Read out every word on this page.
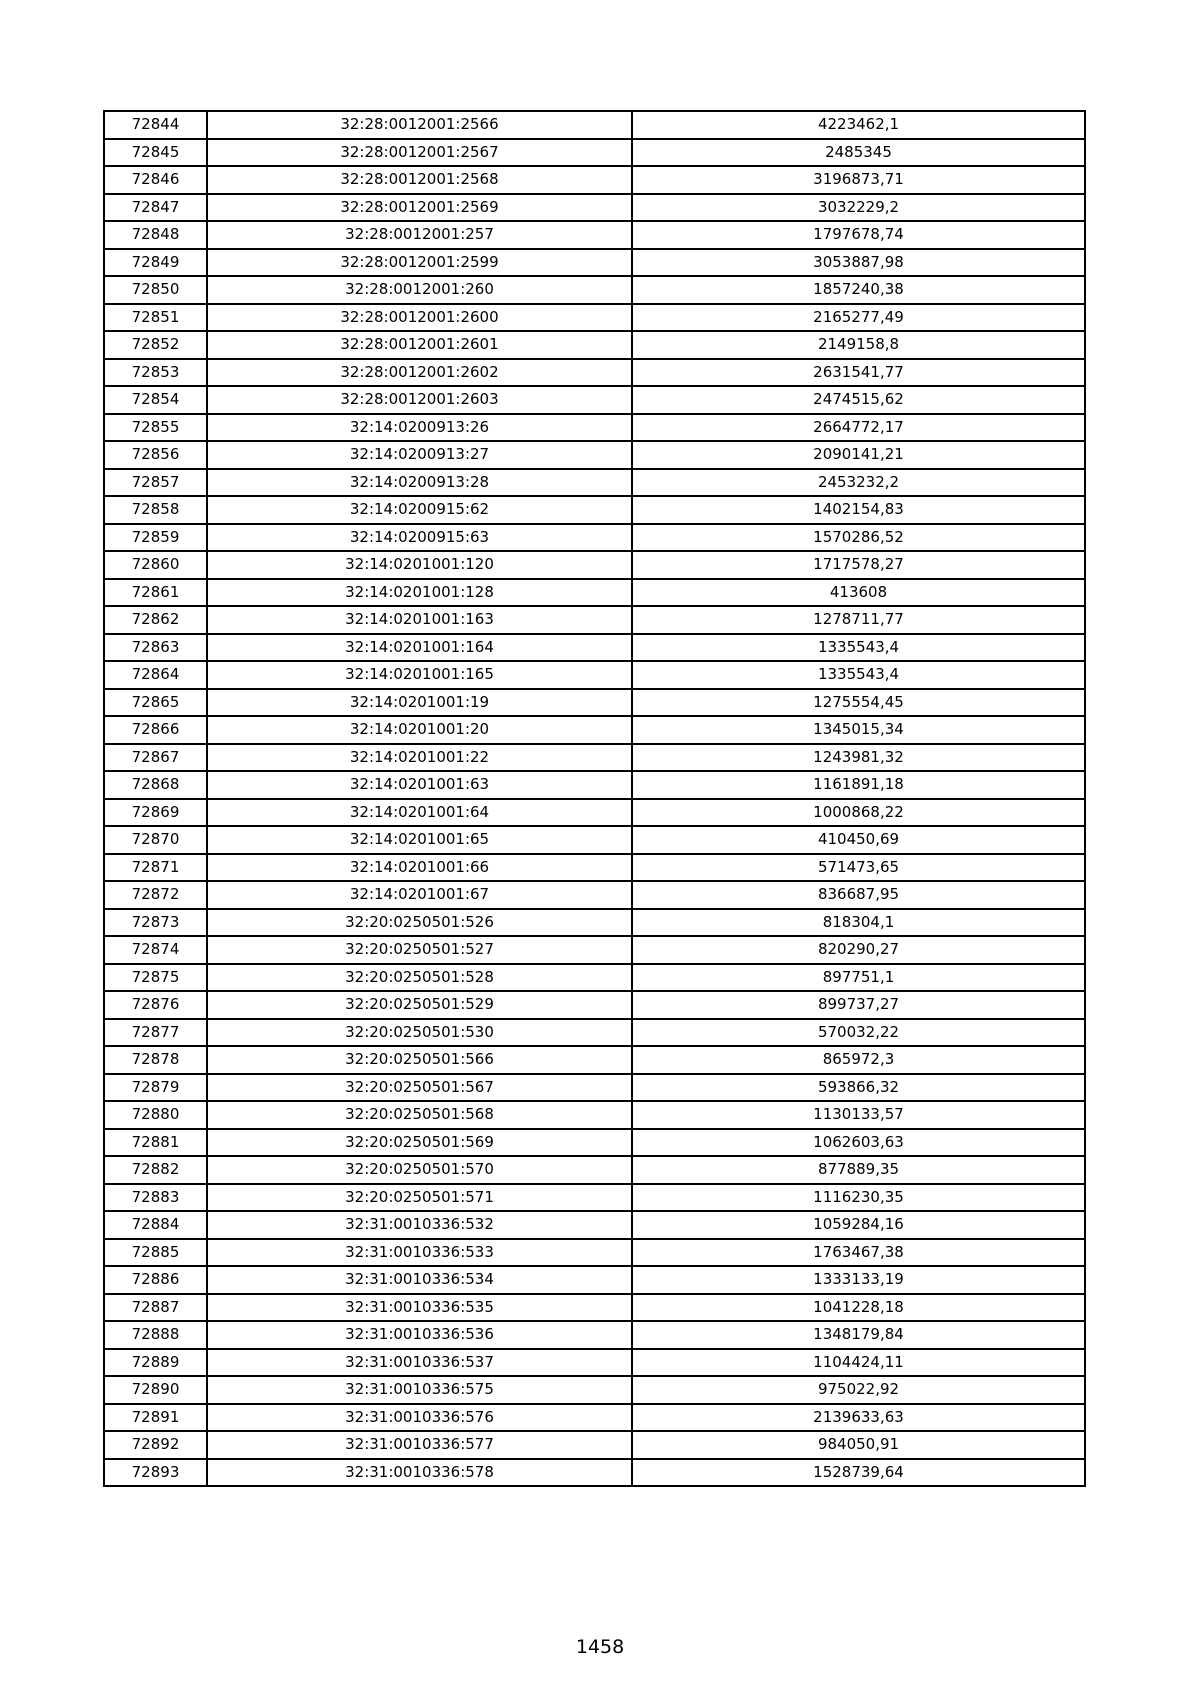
72844	32:28:0012001:2566	4223462,1
72845	32:28:0012001:2567	2485345
72846	32:28:0012001:2568	3196873,71
72847	32:28:0012001:2569	3032229,2
72848	32:28:0012001:257	1797678,74
72849	32:28:0012001:2599	3053887,98
72850	32:28:0012001:260	1857240,38
72851	32:28:0012001:2600	2165277,49
72852	32:28:0012001:2601	2149158,8
72853	32:28:0012001:2602	2631541,77
72854	32:28:0012001:2603	2474515,62
72855	32:14:0200913:26	2664772,17
72856	32:14:0200913:27	2090141,21
72857	32:14:0200913:28	2453232,2
72858	32:14:0200915:62	1402154,83
72859	32:14:0200915:63	1570286,52
72860	32:14:0201001:120	1717578,27
72861	32:14:0201001:128	413608
72862	32:14:0201001:163	1278711,77
72863	32:14:0201001:164	1335543,4
72864	32:14:0201001:165	1335543,4
72865	32:14:0201001:19	1275554,45
72866	32:14:0201001:20	1345015,34
72867	32:14:0201001:22	1243981,32
72868	32:14:0201001:63	1161891,18
72869	32:14:0201001:64	1000868,22
72870	32:14:0201001:65	410450,69
72871	32:14:0201001:66	571473,65
72872	32:14:0201001:67	836687,95
72873	32:20:0250501:526	818304,1
72874	32:20:0250501:527	820290,27
72875	32:20:0250501:528	897751,1
72876	32:20:0250501:529	899737,27
72877	32:20:0250501:530	570032,22
72878	32:20:0250501:566	865972,3
72879	32:20:0250501:567	593866,32
72880	32:20:0250501:568	1130133,57
72881	32:20:0250501:569	1062603,63
72882	32:20:0250501:570	877889,35
72883	32:20:0250501:571	1116230,35
72884	32:31:0010336:532	1059284,16
72885	32:31:0010336:533	1763467,38
72886	32:31:0010336:534	1333133,19
72887	32:31:0010336:535	1041228,18
72888	32:31:0010336:536	1348179,84
72889	32:31:0010336:537	1104424,11
72890	32:31:0010336:575	975022,92
72891	32:31:0010336:576	2139633,63
72892	32:31:0010336:577	984050,91
72893	32:31:0010336:578	1528739,64
1458
